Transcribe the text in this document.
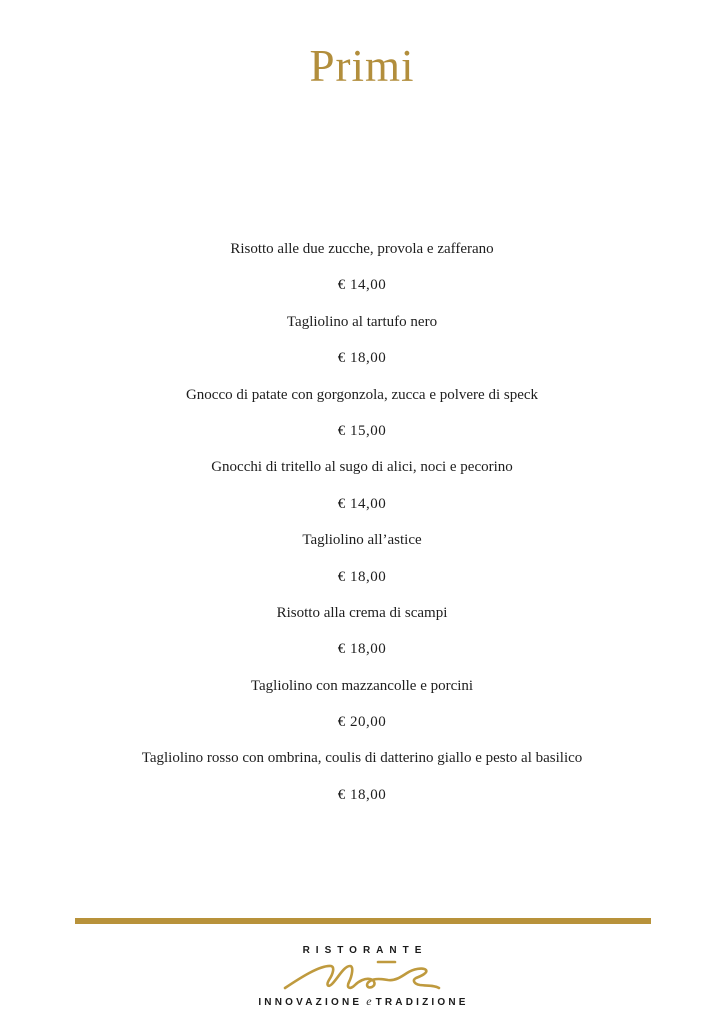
Primi
Risotto alle due zucche, provola e zafferano
€ 14,00
Tagliolino al tartufo nero
€ 18,00
Gnocco di patate con gorgonzola, zucca e polvere di speck
€ 15,00
Gnocchi di tritello al sugo di alici, noci e pecorino
€ 14,00
Tagliolino all’astice
€ 18,00
Risotto alla crema di scampi
€ 18,00
Tagliolino con mazzancolle e porcini
€ 20,00
Tagliolino rosso con ombrina, coulis di datterino giallo e pesto al basilico
€ 18,00
RISTORANTE
INNOVAZIONE e TRADIZIONE
